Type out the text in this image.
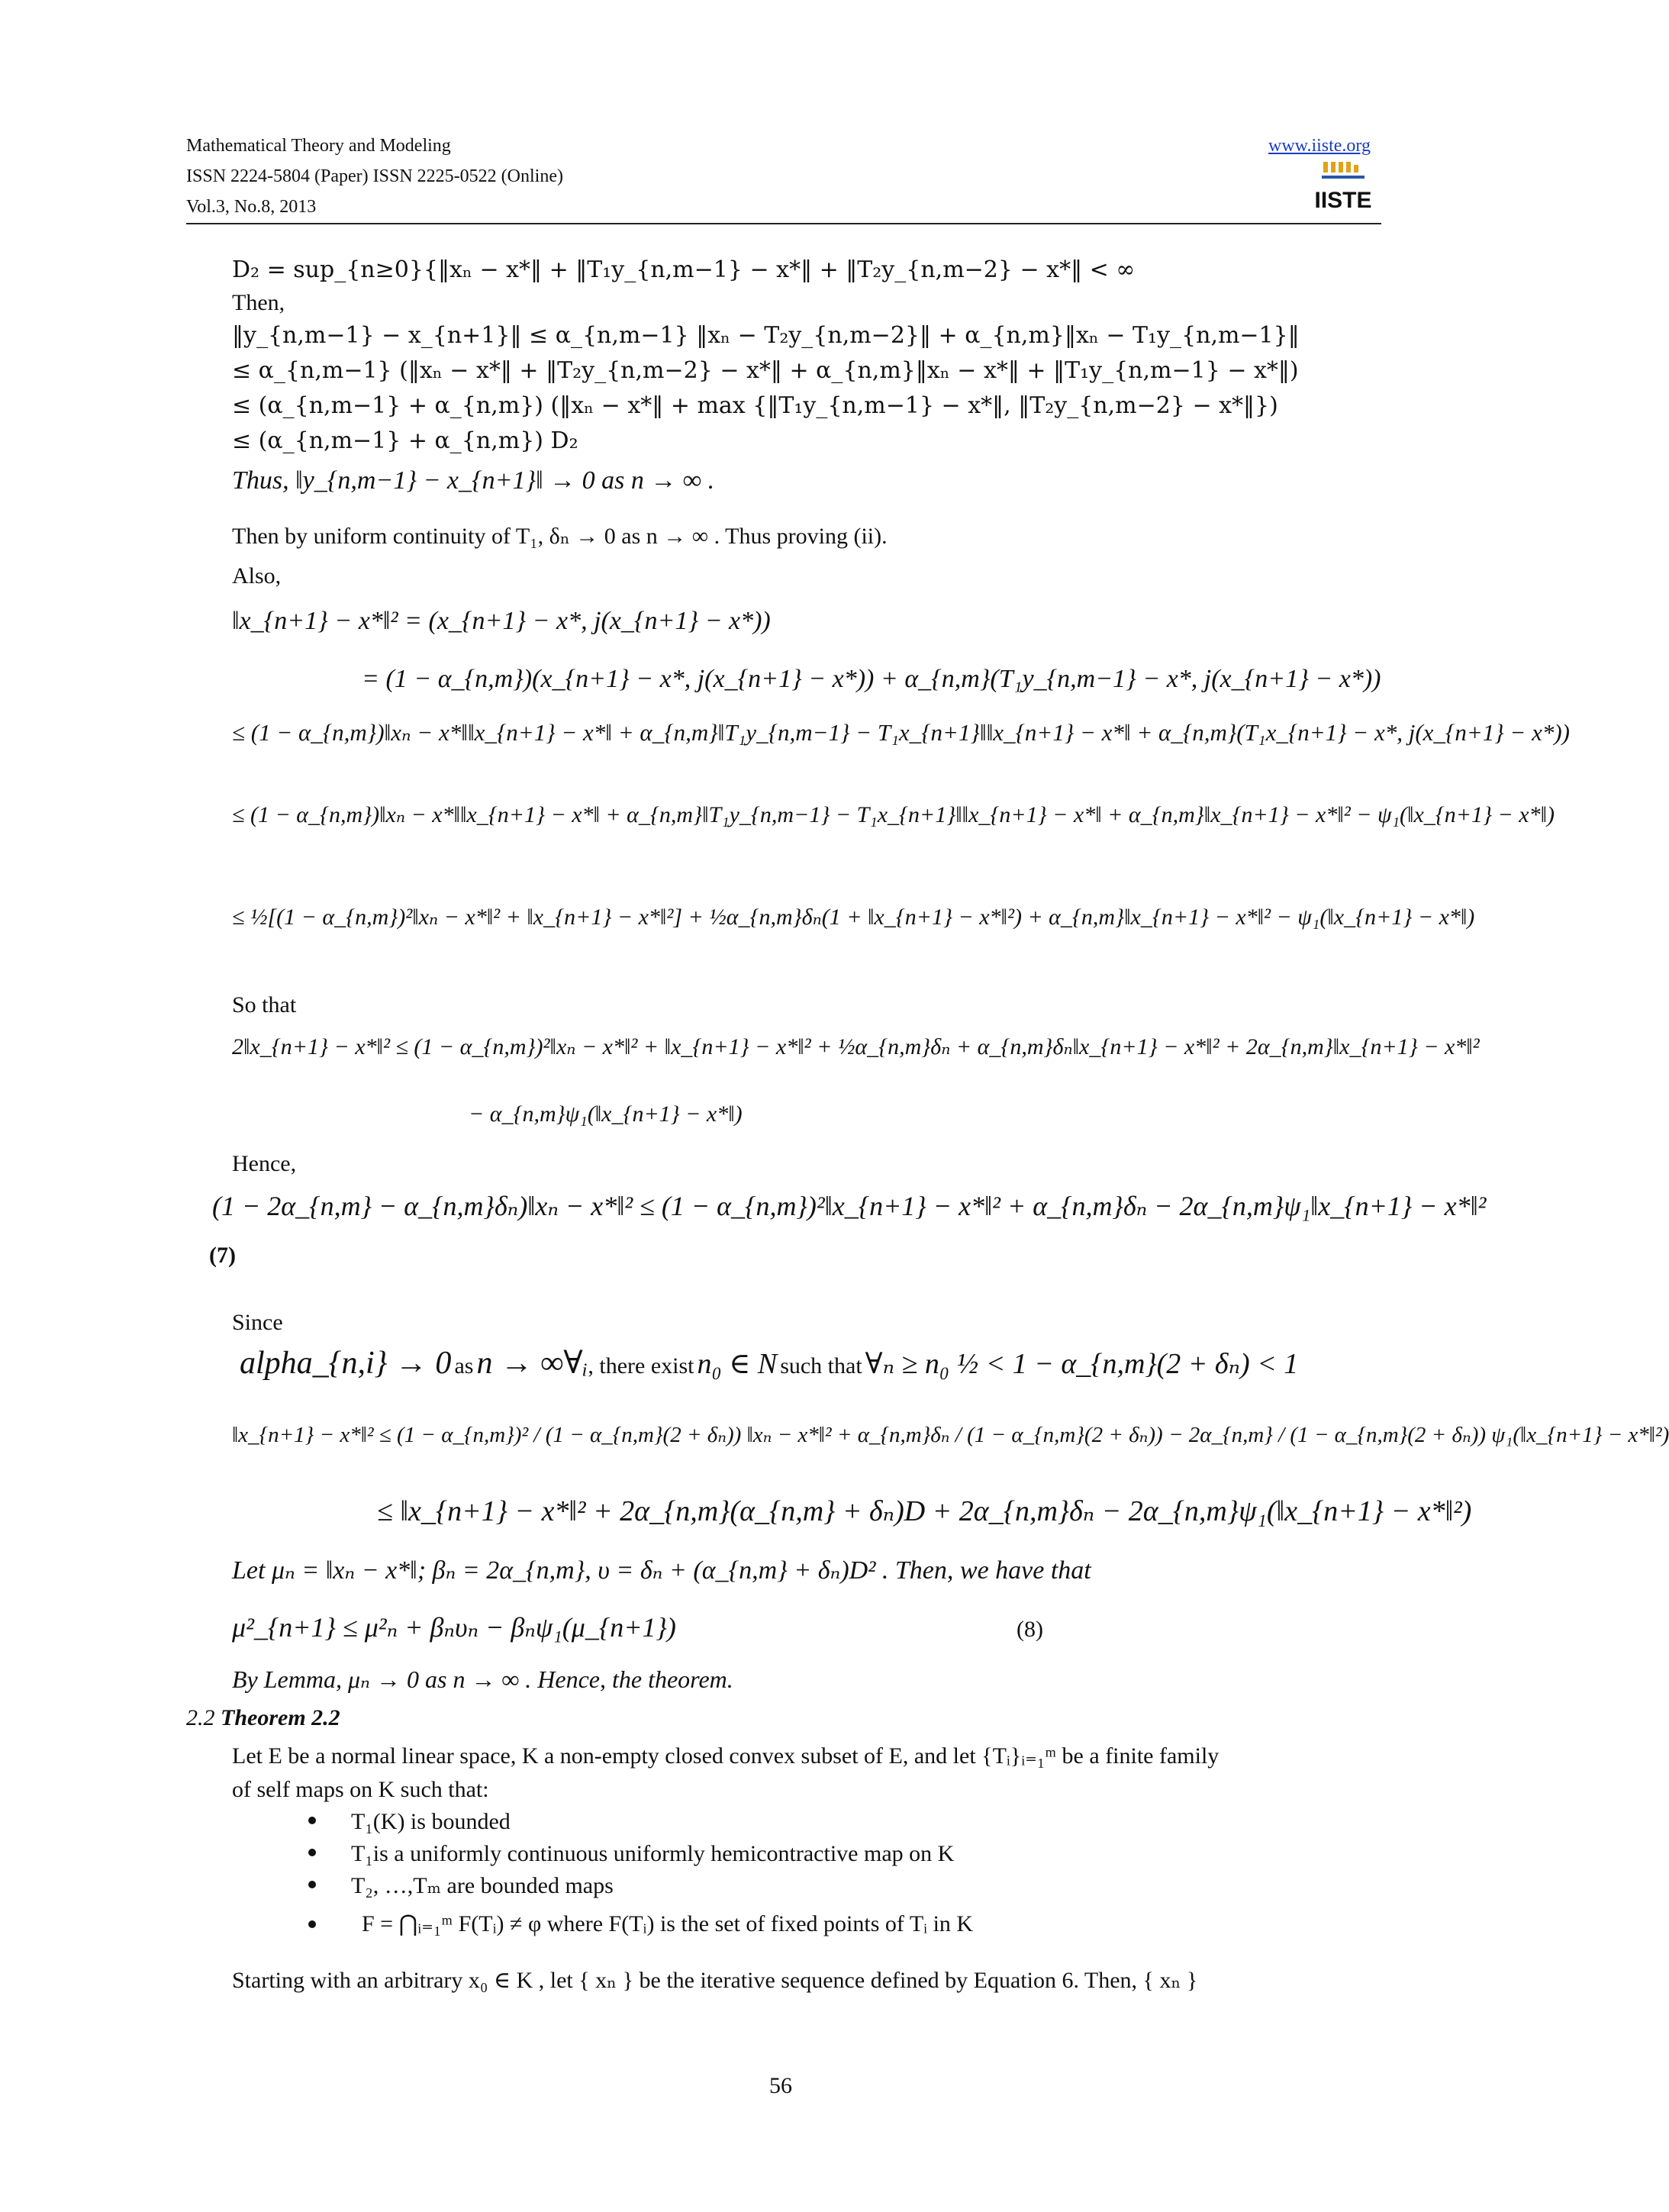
Mathematical Theory and Modeling
ISSN 2224-5804 (Paper) ISSN 2225-0522 (Online)
Vol.3, No.8, 2013
www.iiste.org
IISTE
D₂ = sup_{n≥0}{‖xₙ − x*‖ + ‖T₁y_{n,m−1} − x*‖ + ‖T₂y_{n,m−2} − x*‖ < ∞
Then,
‖y_{n,m−1} − x_{n+1}‖ ≤ α_{n,m−1} ‖xₙ − T₂y_{n,m−2}‖ + α_{n,m}‖xₙ − T₁y_{n,m−1}‖
≤ α_{n,m−1} (‖xₙ − x*‖ + ‖T₂y_{n,m−2} − x*‖ + α_{n,m}‖xₙ − x*‖ + ‖T₁y_{n,m−1} − x*‖)
≤ (α_{n,m−1} + α_{n,m}) (‖xₙ − x*‖ + max {‖T₁y_{n,m−1} − x*‖, ‖T₂y_{n,m−2} − x*‖})
≤ (α_{n,m−1} + α_{n,m}) D₂
Thus, ‖y_{n,m−1} − x_{n+1}‖ → 0 as n → ∞ .
Then by uniform continuity of T₁, δₙ → 0 as n → ∞ . Thus proving (ii).
Also,
‖x_{n+1} − x*‖² = (x_{n+1} − x*, j(x_{n+1} − x*))
= (1 − α_{n,m})(x_{n+1} − x*, j(x_{n+1} − x*)) + α_{n,m}(T₁y_{n,m−1} − x*, j(x_{n+1} − x*))
≤ (1 − α_{n,m})‖xₙ − x*‖‖x_{n+1} − x*‖ + α_{n,m}‖T₁y_{n,m−1} − T₁x_{n+1}‖‖x_{n+1} − x*‖ + α_{n,m}(T₁x_{n+1} − x*, j(x_{n+1} − x*))
≤ (1 − α_{n,m})‖xₙ − x*‖‖x_{n+1} − x*‖ + α_{n,m}‖T₁y_{n,m−1} − T₁x_{n+1}‖‖x_{n+1} − x*‖ + α_{n,m}‖x_{n+1} − x*‖² − ψ₁(‖x_{n+1} − x*‖)
≤ ½[(1 − α_{n,m})²‖xₙ − x*‖² + ‖x_{n+1} − x*‖²] + ½α_{n,m}δₙ(1 + ‖x_{n+1} − x*‖²) + α_{n,m}‖x_{n+1} − x*‖² − ψ₁(‖x_{n+1} − x*‖)
So that
2‖x_{n+1} − x*‖² ≤ (1 − α_{n,m})²‖xₙ − x*‖² + ‖x_{n+1} − x*‖² + ½α_{n,m}δₙ + α_{n,m}δₙ‖x_{n+1} − x*‖² + 2α_{n,m}‖x_{n+1} − x*‖²
− α_{n,m}ψ₁(‖x_{n+1} − x*‖)
Hence,
(1 − 2α_{n,m} − α_{n,m}δₙ)‖xₙ − x*‖² ≤ (1 − α_{n,m})²‖x_{n+1} − x*‖² + α_{n,m}δₙ − 2α_{n,m}ψ₁‖x_{n+1} − x*‖²
(7)
Since
alpha_{n,i} → 0 as n → ∞∀ᵢ, there exist n₀ ∈ N such that ∀ₙ ≥ n₀ ½ < 1 − α_{n,m}(2 + δₙ) < 1
‖x_{n+1} − x*‖² ≤ (1 − α_{n,m})² / (1 − α_{n,m}(2 + δₙ)) ‖xₙ − x*‖² + α_{n,m}δₙ / (1 − α_{n,m}(2 + δₙ)) − 2α_{n,m} / (1 − α_{n,m}(2 + δₙ)) ψ₁(‖x_{n+1} − x*‖²)
≤ ‖x_{n+1} − x*‖² + 2α_{n,m}(α_{n,m} + δₙ)D + 2α_{n,m}δₙ − 2α_{n,m}ψ₁(‖x_{n+1} − x*‖²)
Let μₙ = ‖xₙ − x*‖; βₙ = 2α_{n,m}, υ = δₙ + (α_{n,m} + δₙ)D² . Then, we have that
μ²_{n+1} ≤ μ²ₙ + βₙυₙ − βₙψ₁(μ_{n+1})	(8)
By Lemma, μₙ → 0 as n → ∞ . Hence, the theorem.
2.2 Theorem 2.2
Let E be a normal linear space, K a non-empty closed convex subset of E, and let {Tᵢ}ᵢ₌₁ᵐ be a finite family
of self maps on K such that:
T₁(K) is bounded
T₁is a uniformly continuous uniformly hemicontractive map on K
T₂, …,Tₘ are bounded maps
F = ⋂ᵢ₌₁ᵐ F(Tᵢ) ≠ φ where F(Tᵢ) is the set of fixed points of Tᵢ in K
Starting with an arbitrary x₀ ∈ K , let { xₙ } be the iterative sequence defined by Equation 6. Then, { xₙ }
56
